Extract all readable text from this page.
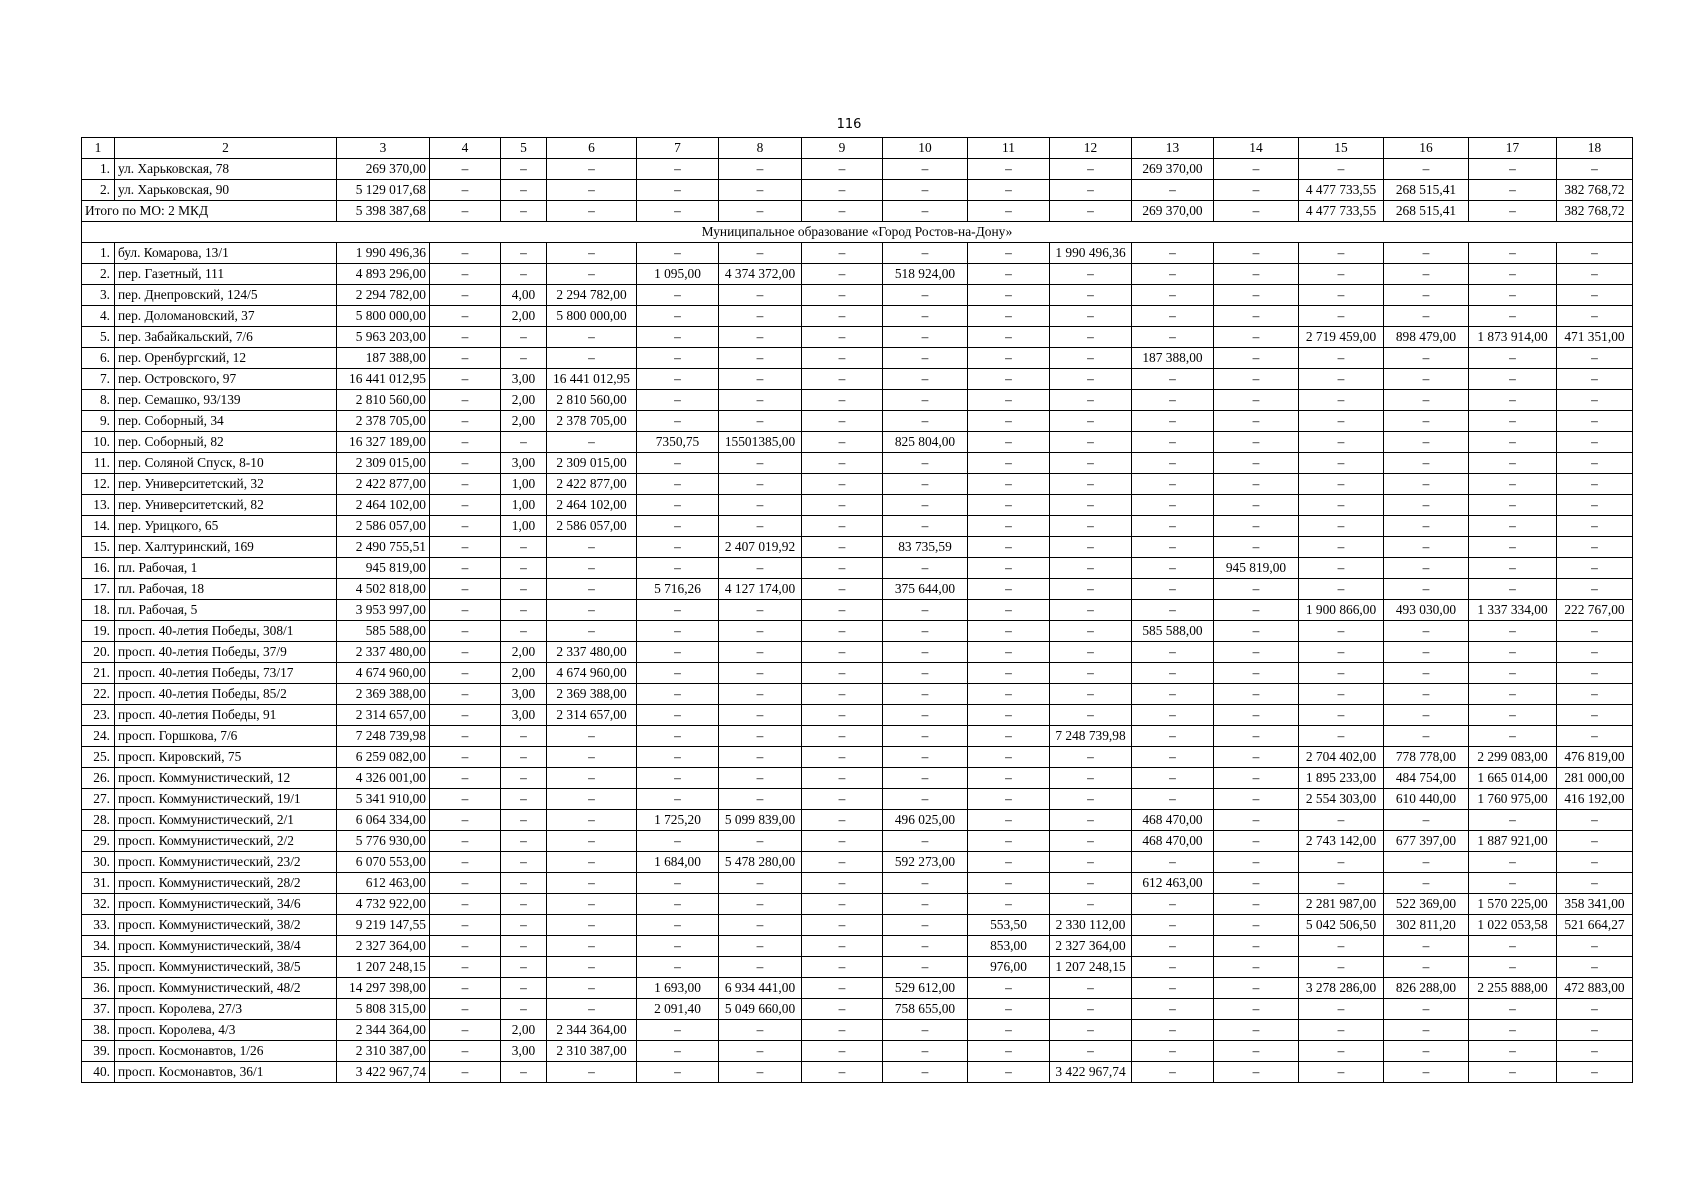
116
1	2	3	4	5	6	7	8	9	10	11	12	13	14	15	16	17	18
1.	ул. Харьковская, 78	269 370,00	–	–	–	–	–	–	–	–	–	269 370,00	–	–	–	–	–
2.	ул. Харьковская, 90	5 129 017,68	–	–	–	–	–	–	–	–	–	–	–	4 477 733,55	268 515,41	–	382 768,72
Итого по МО: 2 МКД		5 398 387,68	–	–	–	–	–	–	–	–	–	269 370,00	–	4 477 733,55	268 515,41	–	382 768,72
Муниципальное образование «Город Ростов-на-Дону»																	
1.	бул. Комарова, 13/1	1 990 496,36	–	–	–	–	–	–	–	–	1 990 496,36	–	–	–	–	–	–
2.	пер. Газетный, 111	4 893 296,00	–	–	–	1 095,00	4 374 372,00	–	518 924,00	–	–	–	–	–	–	–	–
3.	пер. Днепровский, 124/5	2 294 782,00	–	4,00	2 294 782,00	–	–	–	–	–	–	–	–	–	–	–	–
4.	пер. Доломановский, 37	5 800 000,00	–	2,00	5 800 000,00	–	–	–	–	–	–	–	–	–	–	–	–
5.	пер. Забайкальский, 7/6	5 963 203,00	–	–	–	–	–	–	–	–	–	–	–	2 719 459,00	898 479,00	1 873 914,00	471 351,00
6.	пер. Оренбургский, 12	187 388,00	–	–	–	–	–	–	–	–	–	187 388,00	–	–	–	–	–
7.	пер. Островского, 97	16 441 012,95	–	3,00	16 441 012,95	–	–	–	–	–	–	–	–	–	–	–	–
8.	пер. Семашко, 93/139	2 810 560,00	–	2,00	2 810 560,00	–	–	–	–	–	–	–	–	–	–	–	–
9.	пер. Соборный, 34	2 378 705,00	–	2,00	2 378 705,00	–	–	–	–	–	–	–	–	–	–	–	–
10.	пер. Соборный, 82	16 327 189,00	–	–	–	7350,75	15501385,00	–	825 804,00	–	–	–	–	–	–	–	–
11.	пер. Соляной Спуск, 8-10	2 309 015,00	–	3,00	2 309 015,00	–	–	–	–	–	–	–	–	–	–	–	–
12.	пер. Университетский, 32	2 422 877,00	–	1,00	2 422 877,00	–	–	–	–	–	–	–	–	–	–	–	–
13.	пер. Университетский, 82	2 464 102,00	–	1,00	2 464 102,00	–	–	–	–	–	–	–	–	–	–	–	–
14.	пер. Урицкого, 65	2 586 057,00	–	1,00	2 586 057,00	–	–	–	–	–	–	–	–	–	–	–	–
15.	пер. Халтуринский, 169	2 490 755,51	–	–	–	–	2 407 019,92	–	83 735,59	–	–	–	–	–	–	–	–
16.	пл. Рабочая, 1	945 819,00	–	–	–	–	–	–	–	–	–	–	945 819,00	–	–	–	–
17.	пл. Рабочая, 18	4 502 818,00	–	–	–	5 716,26	4 127 174,00	–	375 644,00	–	–	–	–	–	–	–	–
18.	пл. Рабочая, 5	3 953 997,00	–	–	–	–	–	–	–	–	–	–	–	1 900 866,00	493 030,00	1 337 334,00	222 767,00
19.	просп. 40-летия Победы, 308/1	585 588,00	–	–	–	–	–	–	–	–	–	585 588,00	–	–	–	–	–
20.	просп. 40-летия Победы, 37/9	2 337 480,00	–	2,00	2 337 480,00	–	–	–	–	–	–	–	–	–	–	–	–
21.	просп. 40-летия Победы, 73/17	4 674 960,00	–	2,00	4 674 960,00	–	–	–	–	–	–	–	–	–	–	–	–
22.	просп. 40-летия Победы, 85/2	2 369 388,00	–	3,00	2 369 388,00	–	–	–	–	–	–	–	–	–	–	–	–
23.	просп. 40-летия Победы, 91	2 314 657,00	–	3,00	2 314 657,00	–	–	–	–	–	–	–	–	–	–	–	–
24.	просп. Горшкова, 7/6	7 248 739,98	–	–	–	–	–	–	–	–	7 248 739,98	–	–	–	–	–	–
25.	просп. Кировский, 75	6 259 082,00	–	–	–	–	–	–	–	–	–	–	–	2 704 402,00	778 778,00	2 299 083,00	476 819,00
26.	просп. Коммунистический, 12	4 326 001,00	–	–	–	–	–	–	–	–	–	–	–	1 895 233,00	484 754,00	1 665 014,00	281 000,00
27.	просп. Коммунистический, 19/1	5 341 910,00	–	–	–	–	–	–	–	–	–	–	–	2 554 303,00	610 440,00	1 760 975,00	416 192,00
28.	просп. Коммунистический, 2/1	6 064 334,00	–	–	–	1 725,20	5 099 839,00	–	496 025,00	–	–	468 470,00	–	–	–	–	–
29.	просп. Коммунистический, 2/2	5 776 930,00	–	–	–	–	–	–	–	–	–	468 470,00	–	2 743 142,00	677 397,00	1 887 921,00	–
30.	просп. Коммунистический, 23/2	6 070 553,00	–	–	–	1 684,00	5 478 280,00	–	592 273,00	–	–	–	–	–	–	–	–
31.	просп. Коммунистический, 28/2	612 463,00	–	–	–	–	–	–	–	–	–	612 463,00	–	–	–	–	–
32.	просп. Коммунистический, 34/6	4 732 922,00	–	–	–	–	–	–	–	–	–	–	–	2 281 987,00	522 369,00	1 570 225,00	358 341,00
33.	просп. Коммунистический, 38/2	9 219 147,55	–	–	–	–	–	–	–	553,50	2 330 112,00	–	–	5 042 506,50	302 811,20	1 022 053,58	521 664,27
34.	просп. Коммунистический, 38/4	2 327 364,00	–	–	–	–	–	–	–	853,00	2 327 364,00	–	–	–	–	–	–
35.	просп. Коммунистический, 38/5	1 207 248,15	–	–	–	–	–	–	–	976,00	1 207 248,15	–	–	–	–	–	–
36.	просп. Коммунистический, 48/2	14 297 398,00	–	–	–	1 693,00	6 934 441,00	–	529 612,00	–	–	–	–	3 278 286,00	826 288,00	2 255 888,00	472 883,00
37.	просп. Королева, 27/3	5 808 315,00	–	–	–	2 091,40	5 049 660,00	–	758 655,00	–	–	–	–	–	–	–	–
38.	просп. Королева, 4/3	2 344 364,00	–	2,00	2 344 364,00	–	–	–	–	–	–	–	–	–	–	–	–
39.	просп. Космонавтов, 1/26	2 310 387,00	–	3,00	2 310 387,00	–	–	–	–	–	–	–	–	–	–	–	–
40.	просп. Космонавтов, 36/1	3 422 967,74	–	–	–	–	–	–	–	–	3 422 967,74	–	–	–	–	–	–
